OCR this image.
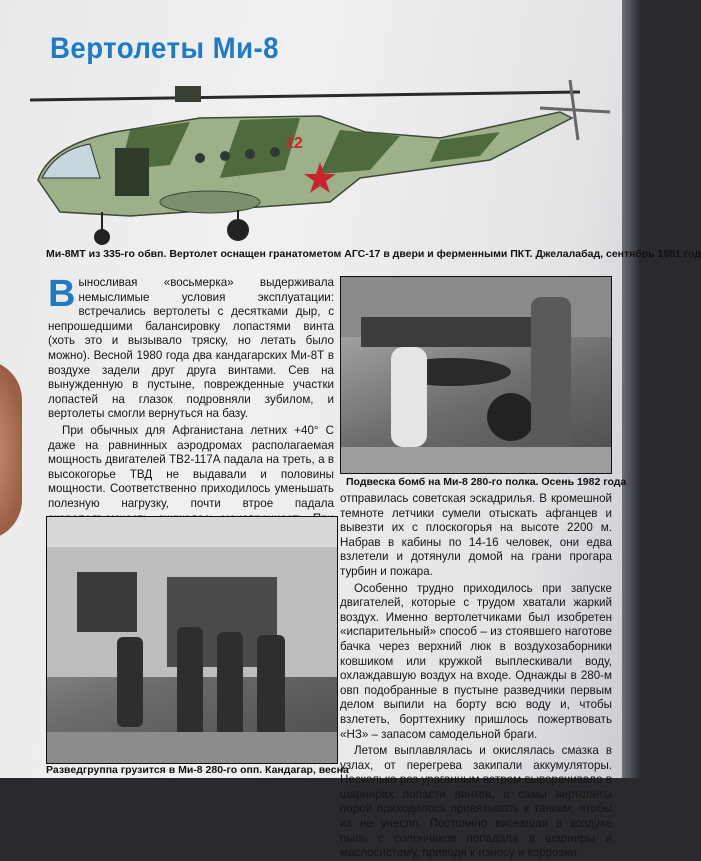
Вертолеты Ми-8
12
Ми-8МТ из 335-го обвп. Вертолет оснащен гранатометом АГС-17 в двери и ферменными ПКТ. Джелалабад, сентябрь 1981 год

Выносливая «восьмерка» выдерживала немыслимые условия эксплуатации: встречались вертолеты с десятками дыр, с непрошедшими балансировку лопастями винта (хоть это и вызывало тряску, но летать было можно). Весной 1980 года два кандагарских Ми-8Т в воздухе задели друг друга винтами. Сев на вынужденную в пустыне, поврежденные участки лопастей на глазок подровняли зубилом, и вертолеты смогли вернуться на базу.

При обычных для Афганистана летних +40° С даже на равнинных аэродромах располагаемая мощность двигателей ТВ2-117А падала на треть, а в высокогорье ТВД не выдавали и половины мощности. Соответственно приходилось уменьшать полезную нагрузку, почти втрое падала

Подвеска бомб на Ми-8 280-го полка. Осень 1982 года
Разведгруппа грузится в Ми-8 280-го опп. Кандагар, весна

отправилась советская эскадрилья. В кромешной темноте летчики сумели отыскать афганцев и вывезти их с плоскогорья на высоте 2200 м. Набрав в кабины по 14-16 человек, они едва взлетели и дотянули домой на грани прогара турбин и пожара.

Особенно трудно приходилось при запуске двигателей, которые с трудом хватали жаркий воздух. Именно вертолетчиками был изобретен «испарительный» способ – из стоявшего наготове бачка через верхний люк в воздухозаборники ковшиком или кружкой выплескивали воду, охлаждавшую воздух на входе. Однажды в 280-м овп подобранные в пустыне разведчики первым делом выпили на борту всю воду и, чтобы взлететь, борттехнику пришлось пожертвовать «НЗ» – запасом самодельной браги.

Летом выплавлялась и окислялась смазка в узлах, от перегрева закипали аккумуляторы. Несколько раз ураганным ветром выворачивало в шарнирах лопасти винтов, а самы вертолеты порой приходилось привязывать к танкам, чтобы их не унесло. Постоянно висевшая в воздухе пыль с солончаков попадала в шарниры и маслосистему, приводя к износу и коррозии.
